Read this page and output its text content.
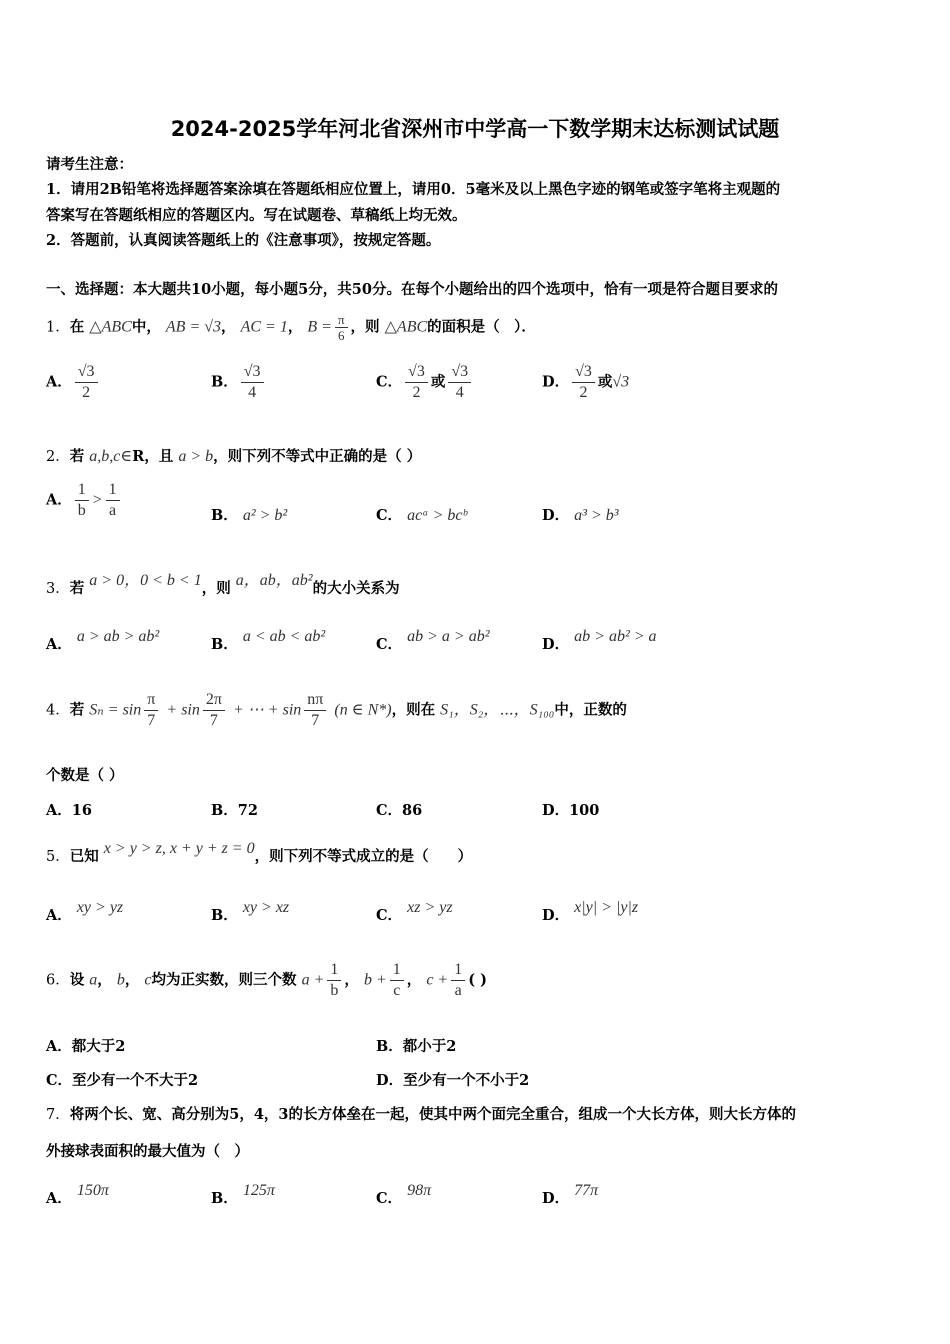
2024-2025学年河北省深州市中学高一下数学期末达标测试试题
请考生注意：
1．请用2B铅笔将选择题答案涂填在答题纸相应位置上，请用0．5毫米及以上黑色字迹的钢笔或签字笔将主观题的
答案写在答题纸相应的答题区内。写在试题卷、草稿纸上均无效。
2．答题前，认真阅读答题纸上的《注意事项》，按规定答题。
一、选择题：本大题共10小题，每小题5分，共50分。在每个小题给出的四个选项中，恰有一项是符合题目要求的
1．在 △ABC中， AB = √3， AC = 1， $B = \frac{\pi}{6}$ ，则 △ABC的面积是（　）．
A． $\frac{√3}{2}$	B． $\frac{√3}{4}$	C． $\frac{√3}{2}$ 或 $\frac{√3}{4}$	D． $\frac{√3}{2}$ 或√3
2．若 a,b,c∈R，且 a > b，则下列不等式中正确的是（ ）
A． $\frac{1}{b} > \frac{1}{a}$	B． a² > b²	C． acᵃ > bcᵇ	D． a³ > b³
3．若 a > 0，0 < b < 1，则 a，ab，ab²的大小关系为
A． a > ab > ab²	B． a < ab < ab²	C． ab > a > ab²	D． ab > ab² > a
4．若 $S_n = \sin \frac{\pi}{7} + \sin \frac{2\pi}{7}$ + ⋯ + $\sin \frac{n\pi}{7} (n$ ∈ N*)，则在 S₁，S₂，⋯，S₁₀₀中，正数的
个数是（ ）
A．16	B．72	C．86	D．100
5．已知 x > y > z, x + y + z = 0，则下列不等式成立的是（　　）
A． xy > yz	B． xy > xz	C． xz > yz	D． x|y| > |y|z
6．设 a， b， c均为正实数，则三个数 $a + \frac{1}{b}$ ， $b + \frac{1}{c}$ ， $c + \frac{1}{a}$ ( )
A．都大于2	B．都小于2
C．至少有一个不大于2	D．至少有一个不小于2
7．将两个长、宽、高分别为5，4，3的长方体垒在一起，使其中两个面完全重合，组成一个大长方体，则大长方体的
外接球表面积的最大值为（　）
A． 150π	B． 125π	C． 98π	D． 77π
